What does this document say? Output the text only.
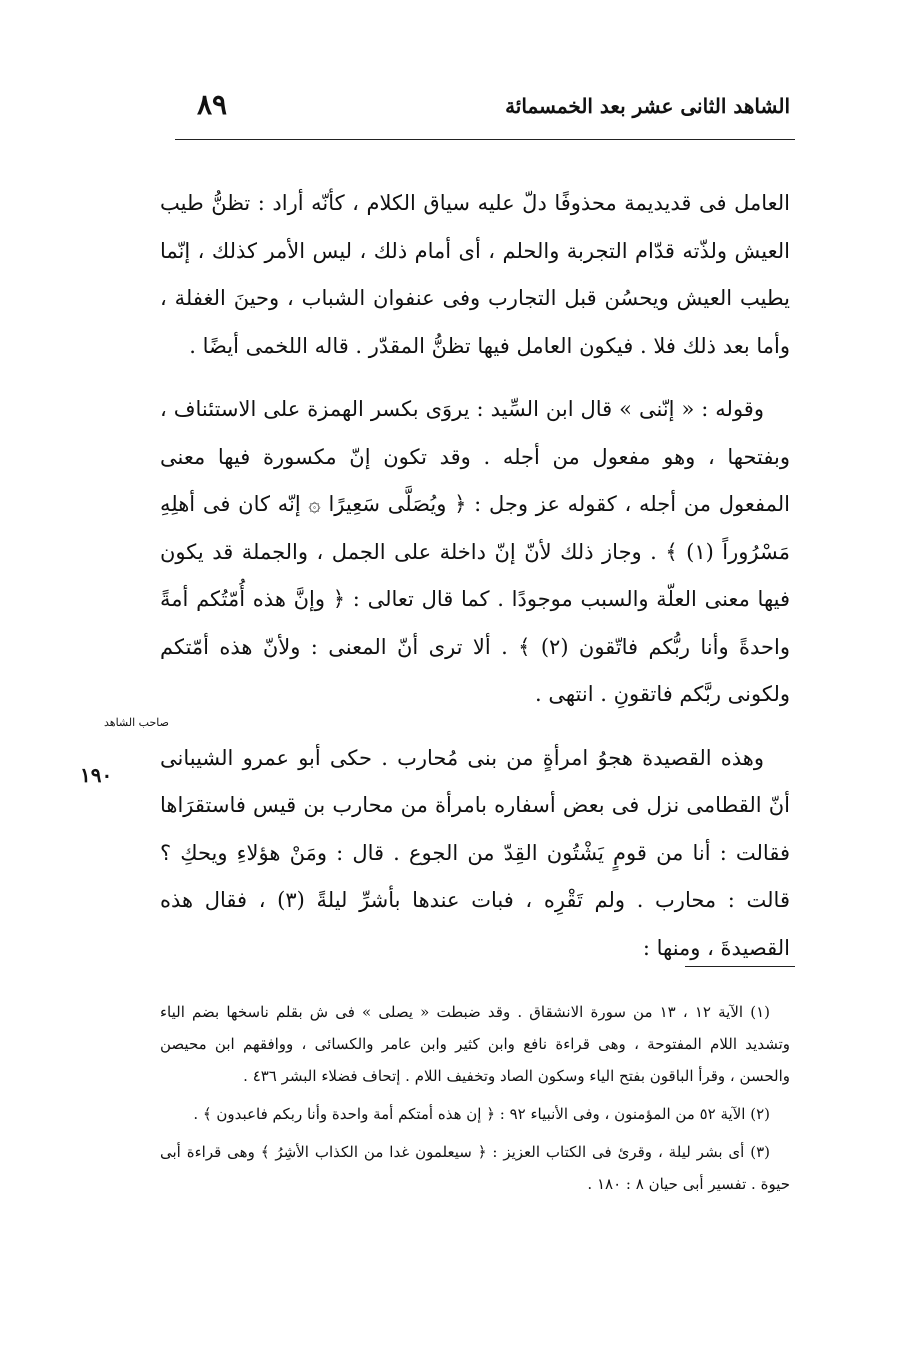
الشاهد الثانى عشر بعد الخمسمائة
٨٩

العامل فى قديديمة محذوفًا دلّ عليه سياق الكلام ، كأنّه أراد : تظنُّ طيب العيش ولذّته قدّام التجربة والحلم ، أى أمام ذلك ، ليس الأمر كذلك ، إنّما يطيب العيش ويحسُن قبل التجارب وفى عنفوان الشباب ، وحينَ الغفلة ، وأما بعد ذلك فلا . فيكون العامل فيها تظنُّ المقدّر . قاله اللخمى أيضًا .

وقوله : « إنّنى » قال ابن السِّيد : يروَى بكسر الهمزة على الاستئناف ، وبفتحها ، وهو مفعول من أجله . وقد تكون إنّ مكسورة فيها معنى المفعول من أجله ، كقوله عز وجل : ﴿ ويُصَلَّى سَعِيرًا ۞ إنّه كان فى أهلِهِ مَسْرُوراً (١) ﴾ . وجاز ذلك لأنّ إنّ داخلة على الجمل ، والجملة قد يكون فيها معنى العلّة والسبب موجودًا . كما قال تعالى : ﴿ وإنَّ هذه أُمّتُكم أمةً واحدةً وأنا ربُّكم فاتّقون (٢) ﴾ . ألا ترى أنّ المعنى : ولأنّ هذه أمّتكم ولكونى ربَّكم فاتقونِ . انتهى .

وهذه القصيدة هجوُ امرأةٍ من بنى مُحارب . حكى أبو عمرو الشيبانى أنّ القطامى نزل فى بعض أسفاره بامرأة من محارب بن قيس فاستقرَاها فقالت : أنا من قومٍ يَشْتُون القِدّ من الجوع . قال : ومَنْ هؤلاءِ ويحكِ ؟ قالت : محارب . ولم تَقْرِه ، فبات عندها بأشرِّ ليلةً (٣) ، فقال هذه القصيدةَ ، ومنها :

صاحب الشاهد
١٩٠

(١) الآية ١٢ ، ١٣ من سورة الانشقاق . وقد ضبطت « يصلى » فى ش بقلم ناسخها بضم الياء وتشديد اللام المفتوحة ، وهى قراءة نافع وابن كثير وابن عامر والكسائى ، ووافقهم ابن محيصن والحسن ، وقرأ الباقون بفتح الياء وسكون الصاد وتخفيف اللام . إتحاف فضلاء البشر ٤٣٦ .

(٢) الآية ٥٢ من المؤمنون ، وفى الأنبياء ٩٢ : ﴿ إن هذه أمتكم أمة واحدة وأنا ربكم فاعبدون ﴾ .

(٣) أى بشر ليلة ، وقرئ فى الكتاب العزيز : ﴿ سيعلمون غدا من الكذاب الأشِرُ ﴾ وهى قراءة أبى حيوة . تفسير أبى حيان ٨ : ١٨٠ .
